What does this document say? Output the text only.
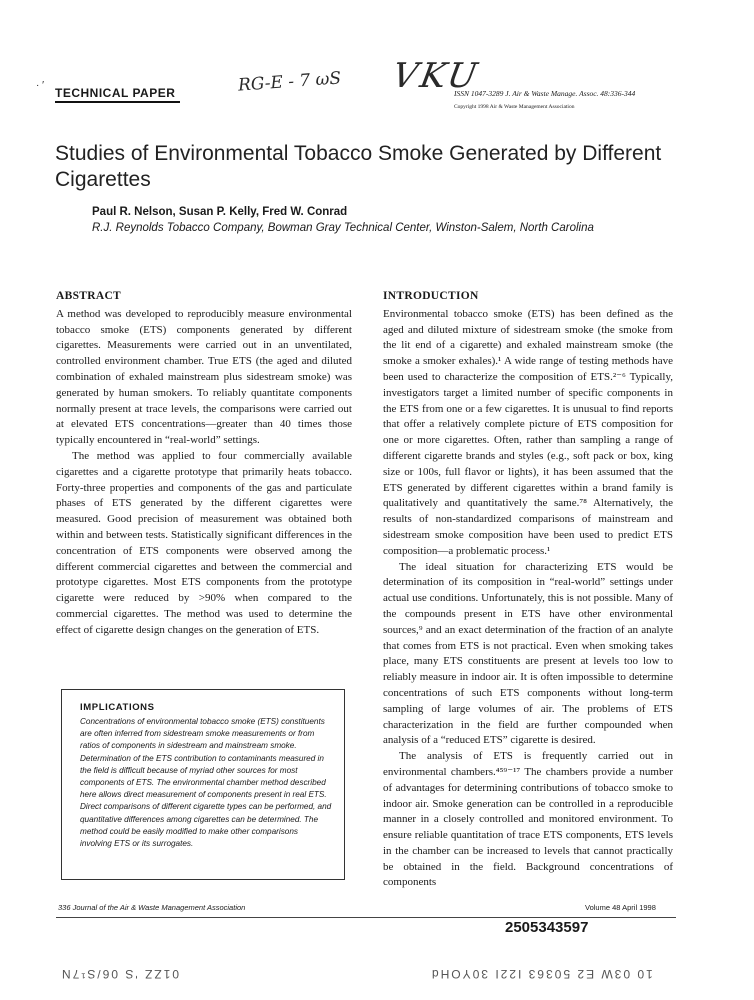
· ′
TECHNICAL PAPER	RG-E - 7 ωS VKU
ISSN 1047-3289 J. Air & Waste Manage. Assoc. 48:336-344
Copyright 1998 Air & Waste Management Association
Studies of Environmental Tobacco Smoke Generated by Different Cigarettes
Paul R. Nelson, Susan P. Kelly, Fred W. Conrad
R.J. Reynolds Tobacco Company, Bowman Gray Technical Center, Winston-Salem, North Carolina
ABSTRACT

A method was developed to reproducibly measure environmental tobacco smoke (ETS) components generated by different cigarettes. Measurements were carried out in an unventilated, controlled environment chamber. True ETS (the aged and diluted combination of exhaled mainstream plus sidestream smoke) was generated by human smokers. To reliably quantitate components normally present at trace levels, the comparisons were carried out at elevated ETS concentrations—greater than 40 times those typically encountered in “real-world” settings.

The method was applied to four commercially available cigarettes and a cigarette prototype that primarily heats tobacco. Forty-three properties and components of the gas and particulate phases of ETS generated by the different cigarettes were measured. Good precision of measurement was obtained both within and between tests. Statistically significant differences in the concentration of ETS components were observed among the different commercial cigarettes and between the commercial and prototype cigarettes. Most ETS components from the prototype cigarette were reduced by >90% when compared to the commercial cigarettes. The method was used to determine the effect of cigarette design changes on the generation of ETS.

IMPLICATIONS
Concentrations of environmental tobacco smoke (ETS) constituents are often inferred from sidestream smoke measurements or from ratios of components in sidestream and mainstream smoke. Determination of the ETS contribution to contaminants measured in the field is difficult because of myriad other sources for most components of ETS. The environmental chamber method described here allows direct measurement of components present in real ETS. Direct comparisons of different cigarette types can be performed, and quantitative differences among cigarettes can be determined. The method could be easily modified to make other comparisons involving ETS or its surrogates.
INTRODUCTION

Environmental tobacco smoke (ETS) has been defined as the aged and diluted mixture of sidestream smoke (the smoke from the lit end of a cigarette) and exhaled mainstream smoke (the smoke a smoker exhales).¹ A wide range of testing methods have been used to characterize the composition of ETS.²⁻⁶ Typically, investigators target a limited number of specific components in the ETS from one or a few cigarettes. It is unusual to find reports that offer a relatively complete picture of ETS composition for one or more cigarettes. Often, rather than sampling a range of different cigarette brands and styles (e.g., soft pack or box, king size or 100s, full flavor or lights), it has been assumed that the ETS generated by different cigarettes within a brand family is qualitatively and quantitatively the same.⁷⁸ Alternatively, the results of non-standardized comparisons of mainstream and sidestream smoke composition have been used to predict ETS composition—a problematic process.¹

The ideal situation for characterizing ETS would be determination of its composition in “real-world” settings under actual use conditions. Unfortunately, this is not possible. Many of the compounds present in ETS have other environmental sources,⁹ and an exact determination of the fraction of an analyte that comes from ETS is not practical. Even when smoking takes place, many ETS constituents are present at levels too low to reliably measure in indoor air. It is often impossible to determine concentrations of such ETS components without long-term sampling of large volumes of air. The problems of ETS characterization in the field are further compounded when analysis of a “reduced ETS” cigarette is desired.

The analysis of ETS is frequently carried out in environmental chambers.⁴⁵⁹⁻¹⁷ The chambers provide a number of advantages for determining contributions of tobacco smoke to indoor air. Smoke generation can be controlled in a reproducible manner in a closely controlled and monitored environment. To ensure reliable quantitation of trace ETS components, ETS levels in the chamber can be increased to levels that cannot practically be obtained in the field. Background concentrations of components

336 Journal of the Air & Waste Management Association	Volume 48 April 1998
2505343597
01ZZ 'S 06/S¹7N	10 03W E2 50363 I22I 30YOHd
